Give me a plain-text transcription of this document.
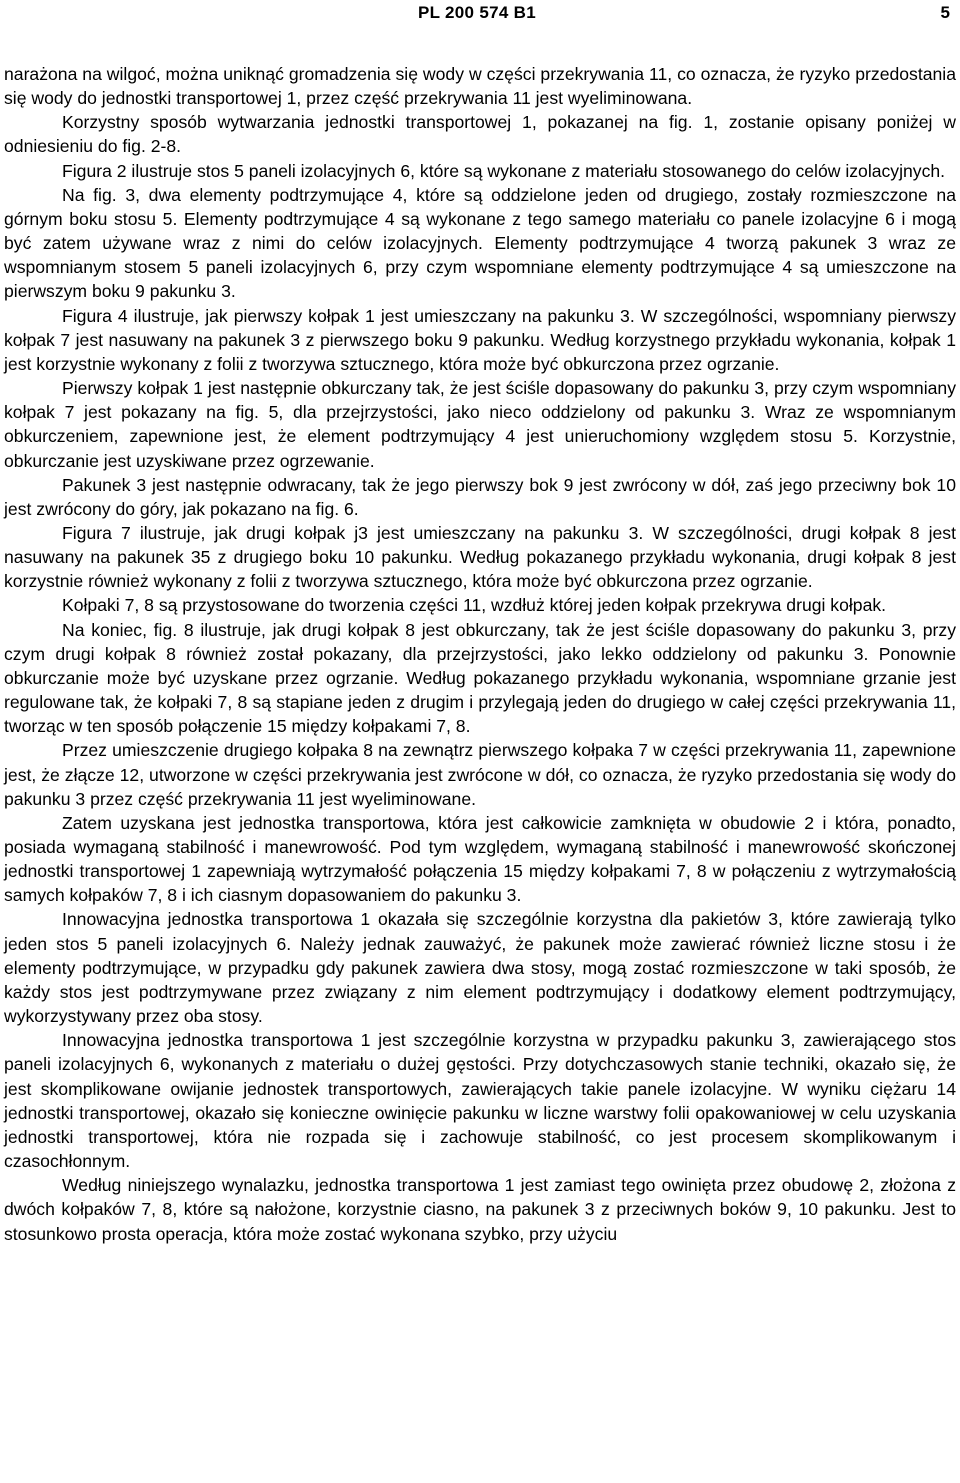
PL 200 574 B1	5

narażona na wilgoć, można uniknąć gromadzenia się wody w części przekrywania 11, co oznacza, że ryzyko przedostania się wody do jednostki transportowej 1, przez część przekrywania 11 jest wyeliminowana.

Korzystny sposób wytwarzania jednostki transportowej 1, pokazanej na fig. 1, zostanie opisany poniżej w odniesieniu do fig. 2-8.

Figura 2 ilustruje stos 5 paneli izolacyjnych 6, które są wykonane z materiału stosowanego do celów izolacyjnych.

Na fig. 3, dwa elementy podtrzymujące 4, które są oddzielone jeden od drugiego, zostały rozmieszczone na górnym boku stosu 5. Elementy podtrzymujące 4 są wykonane z tego samego materiału co panele izolacyjne 6 i mogą być zatem używane wraz z nimi do celów izolacyjnych. Elementy podtrzymujące 4 tworzą pakunek 3 wraz ze wspomnianym stosem 5 paneli izolacyjnych 6, przy czym wspomniane elementy podtrzymujące 4 są umieszczone na pierwszym boku 9 pakunku 3.

Figura 4 ilustruje, jak pierwszy kołpak 1 jest umieszczany na pakunku 3. W szczególności, wspomniany pierwszy kołpak 7 jest nasuwany na pakunek 3 z pierwszego boku 9 pakunku. Według korzystnego przykładu wykonania, kołpak 1 jest korzystnie wykonany z folii z tworzywa sztucznego, która może być obkurczona przez ogrzanie.

Pierwszy kołpak 1 jest następnie obkurczany tak, że jest ściśle dopasowany do pakunku 3, przy czym wspomniany kołpak 7 jest pokazany na fig. 5, dla przejrzystości, jako nieco oddzielony od pakunku 3. Wraz ze wspomnianym obkurczeniem, zapewnione jest, że element podtrzymujący 4 jest unieruchomiony względem stosu 5. Korzystnie, obkurczanie jest uzyskiwane przez ogrzewanie.

Pakunek 3 jest następnie odwracany, tak że jego pierwszy bok 9 jest zwrócony w dół, zaś jego przeciwny bok 10 jest zwrócony do góry, jak pokazano na fig. 6.

Figura 7 ilustruje, jak drugi kołpak j3 jest umieszczany na pakunku 3. W szczególności, drugi kołpak 8 jest nasuwany na pakunek 35 z drugiego boku 10 pakunku. Według pokazanego przykładu wykonania, drugi kołpak 8 jest korzystnie również wykonany z folii z tworzywa sztucznego, która może być obkurczona przez ogrzanie.

Kołpaki 7, 8 są przystosowane do tworzenia części 11, wzdłuż której jeden kołpak przekrywa drugi kołpak.

Na koniec, fig. 8 ilustruje, jak drugi kołpak 8 jest obkurczany, tak że jest ściśle dopasowany do pakunku 3, przy czym drugi kołpak 8 również został pokazany, dla przejrzystości, jako lekko oddzielony od pakunku 3. Ponownie obkurczanie może być uzyskane przez ogrzanie. Według pokazanego przykładu wykonania, wspomniane grzanie jest regulowane tak, że kołpaki 7, 8 są stapiane jeden z drugim i przylegają jeden do drugiego w całej części przekrywania 11, tworząc w ten sposób połączenie 15 między kołpakami 7, 8.

Przez umieszczenie drugiego kołpaka 8 na zewnątrz pierwszego kołpaka 7 w części przekrywania 11, zapewnione jest, że złącze 12, utworzone w części przekrywania jest zwrócone w dół, co oznacza, że ryzyko przedostania się wody do pakunku 3 przez część przekrywania 11 jest wyeliminowane.

Zatem uzyskana jest jednostka transportowa, która jest całkowicie zamknięta w obudowie 2 i która, ponadto, posiada wymaganą stabilność i manewrowość. Pod tym względem, wymaganą stabilność i manewrowość skończonej jednostki transportowej 1 zapewniają wytrzymałość połączenia 15 między kołpakami 7, 8 w połączeniu z wytrzymałością samych kołpaków 7, 8 i ich ciasnym dopasowaniem do pakunku 3.

Innowacyjna jednostka transportowa 1 okazała się szczególnie korzystna dla pakietów 3, które zawierają tylko jeden stos 5 paneli izolacyjnych 6. Należy jednak zauważyć, że pakunek może zawierać również liczne stosu i że elementy podtrzymujące, w przypadku gdy pakunek zawiera dwa stosy, mogą zostać rozmieszczone w taki sposób, że każdy stos jest podtrzymywane przez związany z nim element podtrzymujący i dodatkowy element podtrzymujący, wykorzystywany przez oba stosy.

Innowacyjna jednostka transportowa 1 jest szczególnie korzystna w przypadku pakunku 3, zawierającego stos paneli izolacyjnych 6, wykonanych z materiału o dużej gęstości. Przy dotychczasowych stanie techniki, okazało się, że jest skomplikowane owijanie jednostek transportowych, zawierających takie panele izolacyjne. W wyniku ciężaru 14 jednostki transportowej, okazało się konieczne owinięcie pakunku w liczne warstwy folii opakowaniowej w celu uzyskania jednostki transportowej, która nie rozpada się i zachowuje stabilność, co jest procesem skomplikowanym i czasochłonnym.

Według niniejszego wynalazku, jednostka transportowa 1 jest zamiast tego owinięta przez obudowę 2, złożona z dwóch kołpaków 7, 8, które są nałożone, korzystnie ciasno, na pakunek 3 z przeciwnych boków 9, 10 pakunku. Jest to stosunkowo prosta operacja, która może zostać wykonana szybko, przy użyciu
